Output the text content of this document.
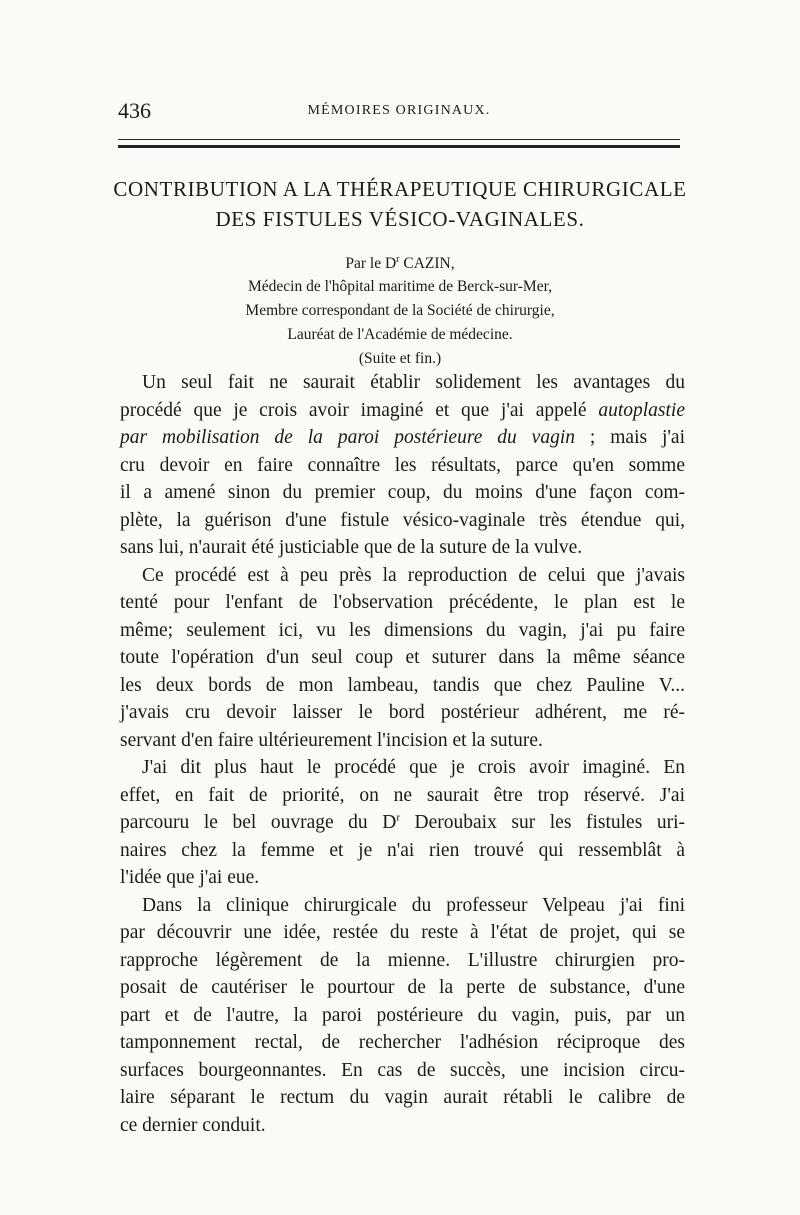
436	MÉMOIRES ORIGINAUX.
CONTRIBUTION A LA THÉRAPEUTIQUE CHIRURGICALE
DES FISTULES VÉSICO-VAGINALES.
Par le $D^r$ CAZIN,
Médecin de l'hôpital maritime de Berck-sur-Mer,
Membre correspondant de la Société de chirurgie,
Lauréat de l'Académie de médecine.
(Suite et fin.)
Un seul fait ne saurait établir solidement les avantages du
procédé que je crois avoir imaginé et que j'ai appelé autoplastie
par mobilisation de la paroi postérieure du vagin ; mais j'ai
cru devoir en faire connaître les résultats, parce qu'en somme
il a amené sinon du premier coup, du moins d'une façon com-
plète, la guérison d'une fistule vésico-vaginale très étendue qui,
sans lui, n'aurait été justiciable que de la suture de la vulve.
Ce procédé est à peu près la reproduction de celui que j'avais
tenté pour l'enfant de l'observation précédente, le plan est le
même; seulement ici, vu les dimensions du vagin, j'ai pu faire
toute l'opération d'un seul coup et suturer dans la même séance
les deux bords de mon lambeau, tandis que chez Pauline V...
j'avais cru devoir laisser le bord postérieur adhérent, me ré-
servant d'en faire ultérieurement l'incision et la suture.
J'ai dit plus haut le procédé que je crois avoir imaginé. En
effet, en fait de priorité, on ne saurait être trop réservé. J'ai
parcouru le bel ouvrage du $D^r$ Deroubaix sur les fistules uri-
naires chez la femme et je n'ai rien trouvé qui ressemblât à
l'idée que j'ai eue.
Dans la clinique chirurgicale du professeur Velpeau j'ai fini
par découvrir une idée, restée du reste à l'état de projet, qui se
rapproche légèrement de la mienne. L'illustre chirurgien pro-
posait de cautériser le pourtour de la perte de substance, d'une
part et de l'autre, la paroi postérieure du vagin, puis, par un
tamponnement rectal, de rechercher l'adhésion réciproque des
surfaces bourgeonnantes. En cas de succès, une incision circu-
laire séparant le rectum du vagin aurait rétabli le calibre de
ce dernier conduit.
